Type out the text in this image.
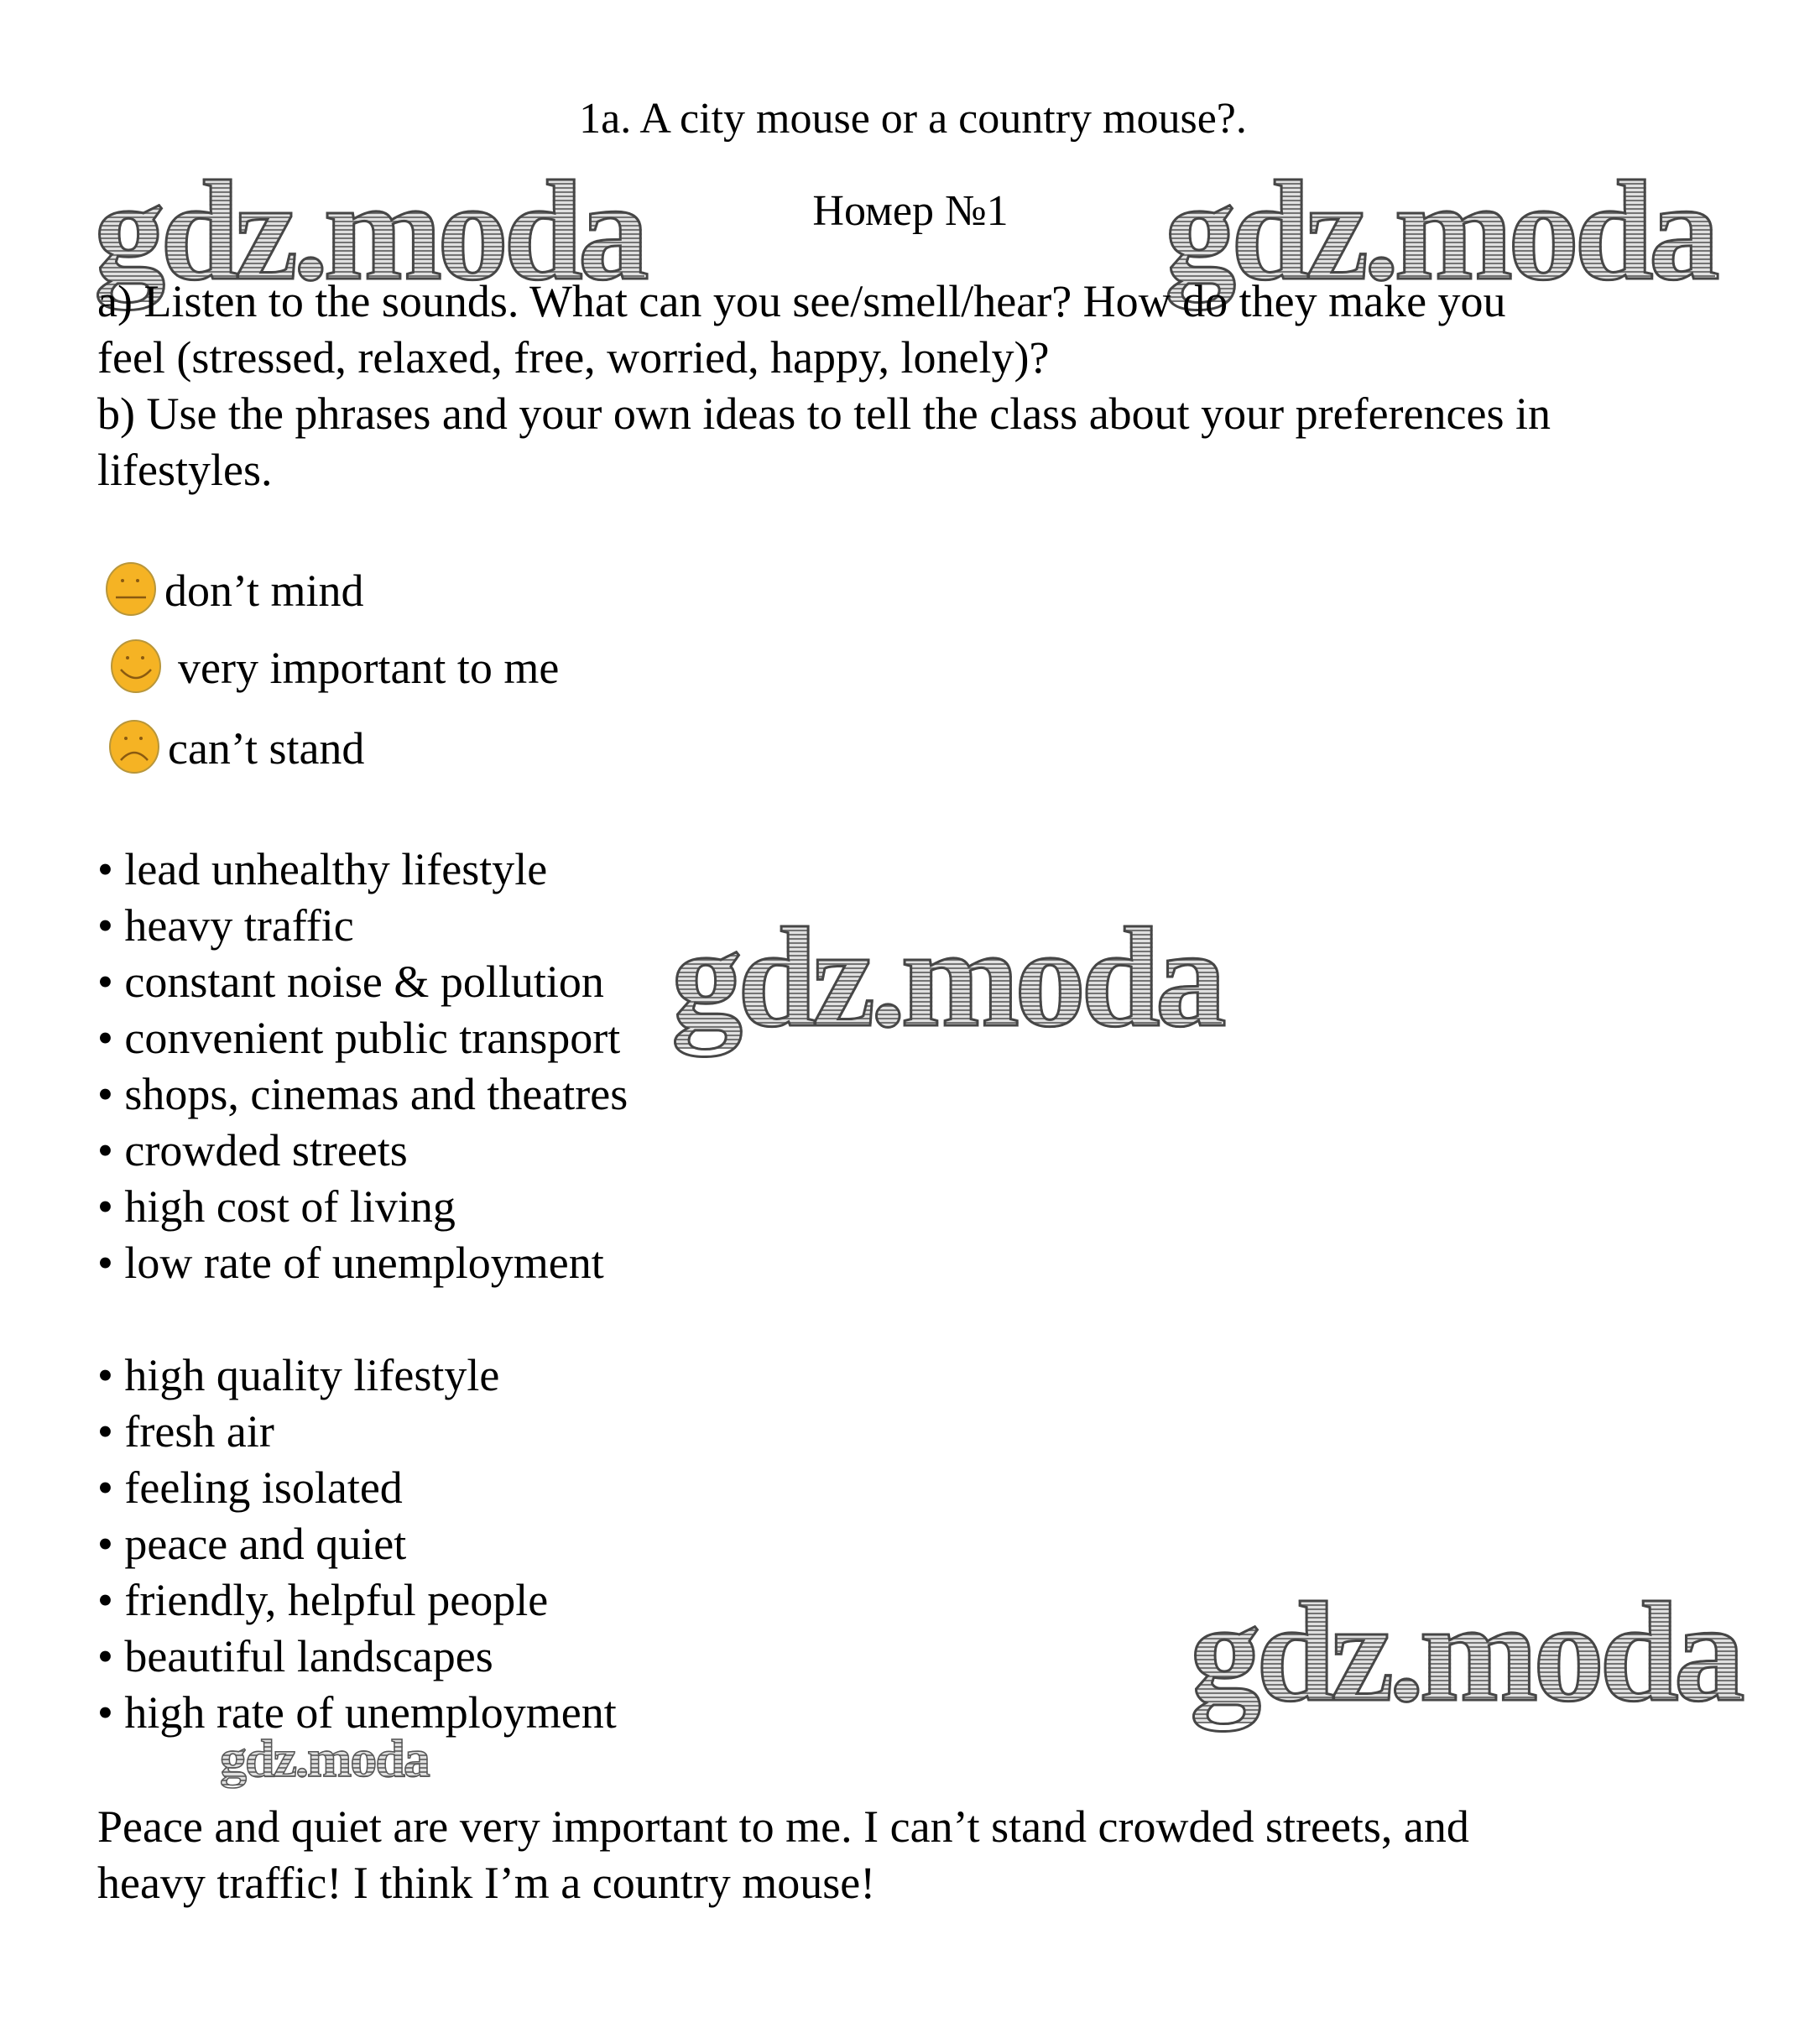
1a. A city mouse or a country mouse?.
Номер №1
gdz.moda	gdz.moda
gdz.moda
gdz.moda
gdz.moda
a) Listen to the sounds. What can you see/smell/hear? How do they make you
feel (stressed, relaxed, free, worried, happy, lonely)?
b) Use the phrases and your own ideas to tell the class about your preferences in
lifestyles.
don’t mind
very important to me
can’t stand
• lead unhealthy lifestyle
• heavy traffic
• constant noise & pollution
• convenient public transport
• shops, cinemas and theatres
• crowded streets
• high cost of living
• low rate of unemployment
• high quality lifestyle
• fresh air
• feeling isolated
• peace and quiet
• friendly, helpful people
• beautiful landscapes
• high rate of unemployment
Peace and quiet are very important to me. I can’t stand crowded streets, and
heavy traffic! I think I’m a country mouse!
